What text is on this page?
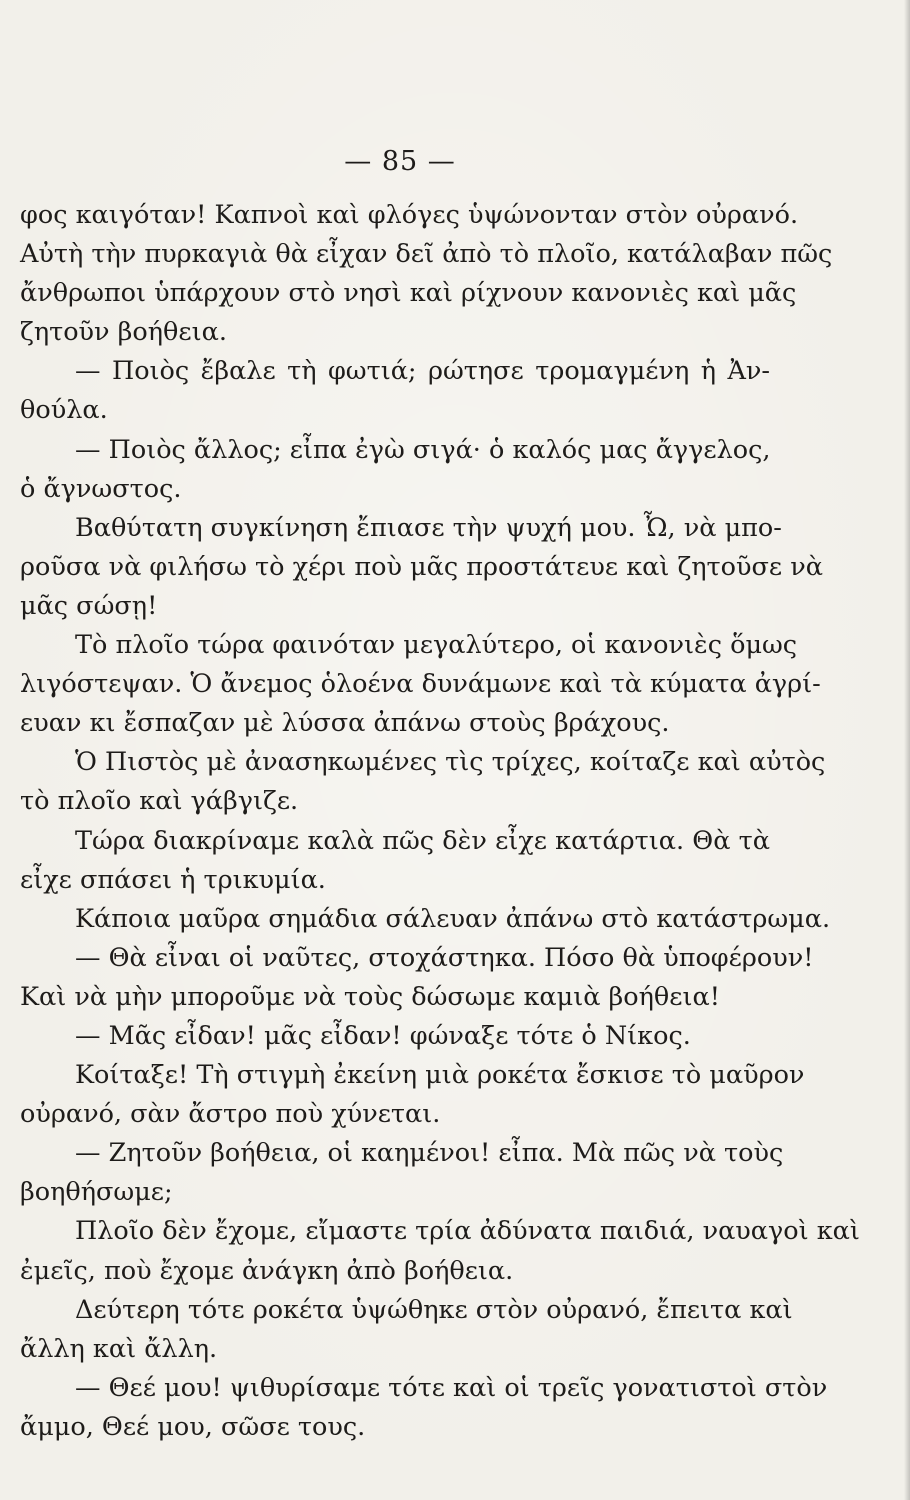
— 85 —
φος καιγόταν! Καπνοὶ καὶ φλόγες ὑψώνονταν στὸν οὐρανό.
Αὐτὴ τὴν πυρκαγιὰ θὰ εἶχαν δεῖ ἀπὸ τὸ πλοῖο, κατάλαβαν πῶς
ἄνθρωποι ὑπάρχουν στὸ νησὶ καὶ ρίχνουν κανονιὲς καὶ μᾶς
ζητοῦν βοήθεια.
— Ποιὸς ἔβαλε τὴ φωτιά; ρώτησε τρομαγμένη ἡ Ἀν-
θούλα.
— Ποιὸς ἄλλος; εἶπα ἐγὼ σιγά· ὁ καλός μας ἄγγελος,
ὁ ἄγνωστος.
Βαθύτατη συγκίνηση ἔπιασε τὴν ψυχή μου. Ὦ, νὰ μπο-
ροῦσα νὰ φιλήσω τὸ χέρι ποὺ μᾶς προστάτευε καὶ ζητοῦσε νὰ
μᾶς σώσῃ!
Τὸ πλοῖο τώρα φαινόταν μεγαλύτερο, οἱ κανονιὲς ὅμως
λιγόστεψαν. Ὁ ἄνεμος ὁλοένα δυνάμωνε καὶ τὰ κύματα ἀγρί-
ευαν κι ἔσπαζαν μὲ λύσσα ἀπάνω στοὺς βράχους.
Ὁ Πιστὸς μὲ ἀνασηκωμένες τὶς τρίχες, κοίταζε καὶ αὐτὸς
τὸ πλοῖο καὶ γάβγιζε.
Τώρα διακρίναμε καλὰ πῶς δὲν εἶχε κατάρτια. Θὰ τὰ
εἶχε σπάσει ἡ τρικυμία.
Κάποια μαῦρα σημάδια σάλευαν ἀπάνω στὸ κατάστρωμα.
— Θὰ εἶναι οἱ ναῦτες, στοχάστηκα. Πόσο θὰ ὑποφέρουν!
Καὶ νὰ μὴν μποροῦμε νὰ τοὺς δώσωμε καμιὰ βοήθεια!
— Μᾶς εἶδαν! μᾶς εἶδαν! φώναξε τότε ὁ Νίκος.
Κοίταξε! Τὴ στιγμὴ ἐκείνη μιὰ ροκέτα ἔσκισε τὸ μαῦρον
οὐρανό, σὰν ἄστρο ποὺ χύνεται.
— Ζητοῦν βοήθεια, οἱ καημένοι! εἶπα. Μὰ πῶς νὰ τοὺς
βοηθήσωμε;
Πλοῖο δὲν ἔχομε, εἴμαστε τρία ἀδύνατα παιδιά, ναυαγοὶ καὶ
ἐμεῖς, ποὺ ἔχομε ἀνάγκη ἀπὸ βοήθεια.
Δεύτερη τότε ροκέτα ὑψώθηκε στὸν οὐρανό, ἔπειτα καὶ
ἄλλη καὶ ἄλλη.
— Θεέ μου! ψιθυρίσαμε τότε καὶ οἱ τρεῖς γονατιστοὶ στὸν
ἄμμο, Θεέ μου, σῶσε τους.
